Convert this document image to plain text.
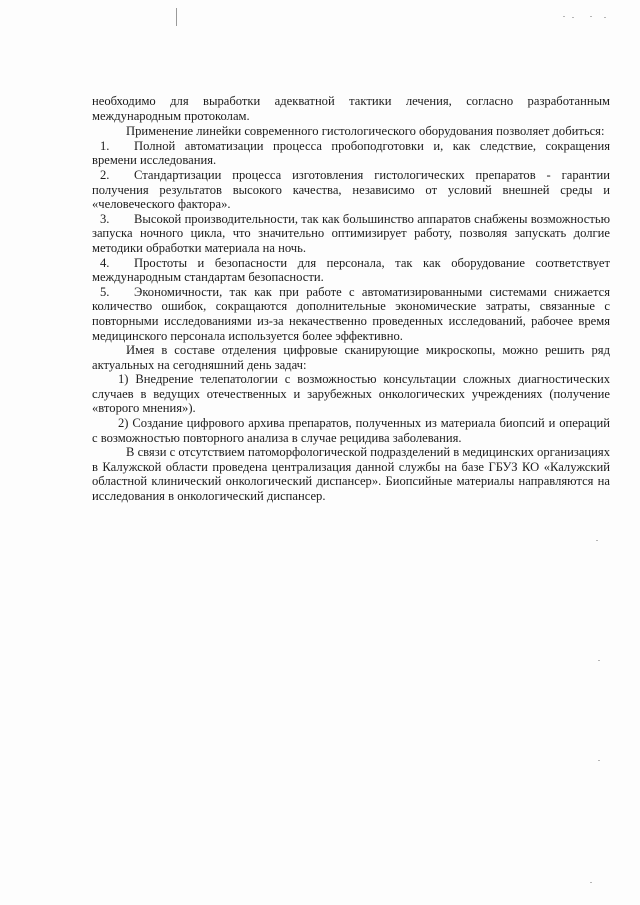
необходимо для выработки адекватной тактики лечения, согласно разработанным международным протоколам.

Применение линейки современного гистологического оборудования позволяет добиться:

1. Полной автоматизации процесса пробоподготовки и, как следствие, сокращения времени исследования.

2. Стандартизации процесса изготовления гистологических препаратов - гарантии получения результатов высокого качества, независимо от условий внешней среды и «человеческого фактора».

3. Высокой производительности, так как большинство аппаратов снабжены возможностью запуска ночного цикла, что значительно оптимизирует работу, позволяя запускать долгие методики обработки материала на ночь.

4. Простоты и безопасности для персонала, так как оборудование соответствует международным стандартам безопасности.

5. Экономичности, так как при работе с автоматизированными системами снижается количество ошибок, сокращаются дополнительные экономические затраты, связанные с повторными исследованиями из-за некачественно проведенных исследований, рабочее время медицинского персонала используется более эффективно.

Имея в составе отделения цифровые сканирующие микроскопы, можно решить ряд актуальных на сегодняшний день задач:

1) Внедрение телепатологии с возможностью консультации сложных диагностических случаев в ведущих отечественных и зарубежных онкологических учреждениях (получение «второго мнения»).

2) Создание цифрового архива препаратов, полученных из материала биопсий и операций с возможностью повторного анализа в случае рецидива заболевания.

В связи с отсутствием патоморфологической подразделений в медицинских организациях в Калужской области проведена централизация данной службы на базе ГБУЗ КО «Калужский областной клинический онкологический диспансер». Биопсийные материалы направляются на исследования в онкологический диспансер.
